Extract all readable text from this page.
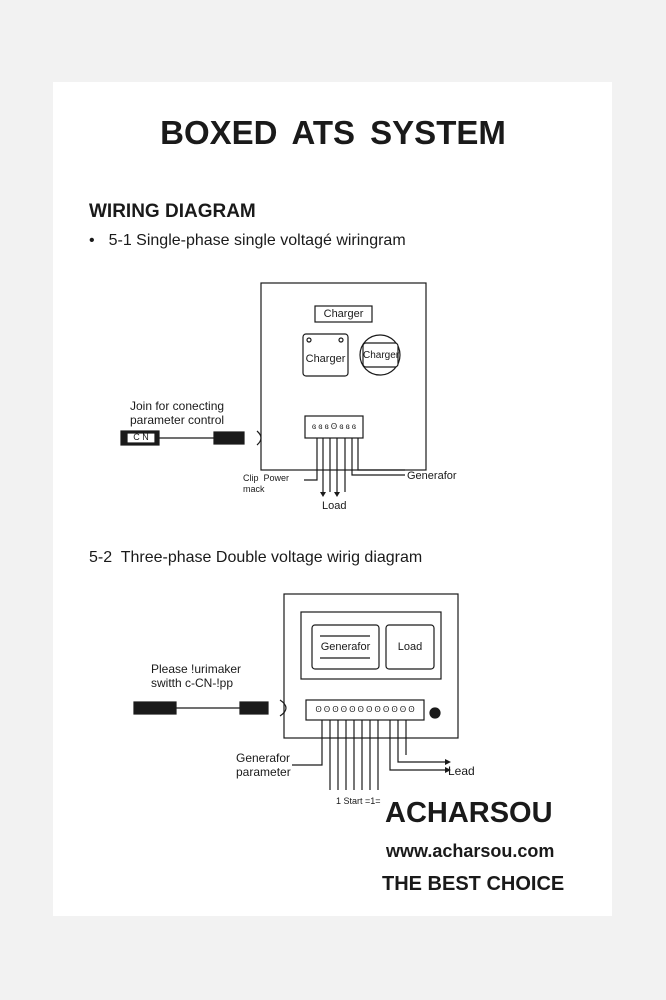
BOXED ATS SYSTEM
WIRING DIAGRAM
• 5-1 Single-phase single voltagé wiringram
Charger
Charger Charger
C N
ɞ ɞ ɞ ʘ ɞ ɞ ɞ
Join for conecting
parameter control
Clip  Power
mack
Load
Generafor
5-2  Three-phase Double voltage wirig diagram
Generafor	Load
ʘ ʘ ʘ ʘ ʘ ʘ ʘ ʘ ʘ ʘ ʘ ʘ
Please !urimaker
switth c-CN-!pp
Generafor
parameter	Lead
1 Start =1= ACHARSOU
www.acharsou.com
THE BEST CHOICE
